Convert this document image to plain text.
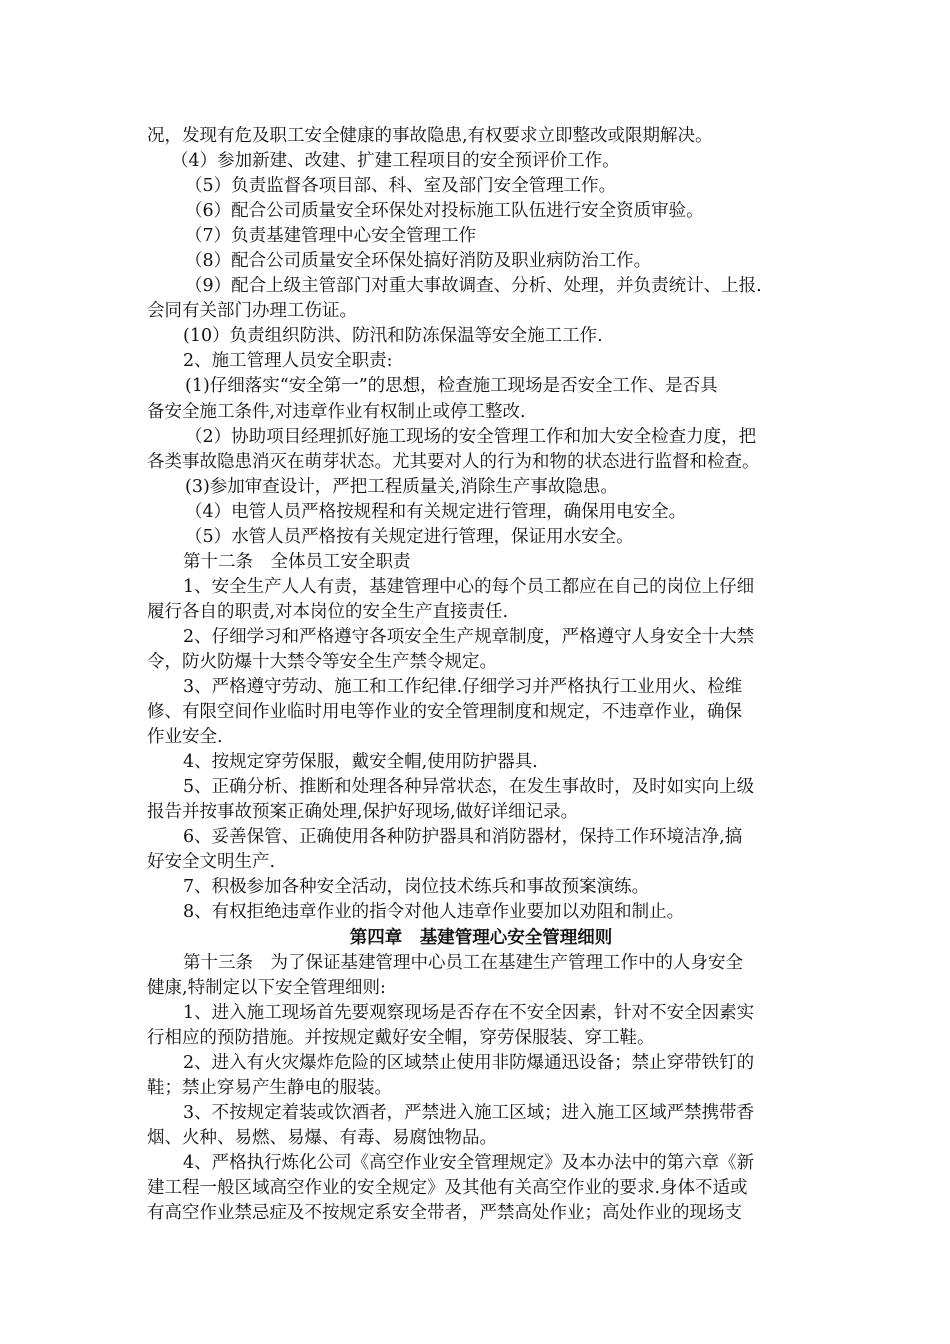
况，发现有危及职工安全健康的事故隐患,有权要求立即整改或限期解决。
（4）参加新建、改建、扩建工程项目的安全预评价工作。
（5）负责监督各项目部、科、室及部门安全管理工作。
（6）配合公司质量安全环保处对投标施工队伍进行安全资质审验。
（7）负责基建管理中心安全管理工作
（8）配合公司质量安全环保处搞好消防及职业病防治工作。
（9）配合上级主管部门对重大事故调查、分析、处理，并负责统计、上报.
会同有关部门办理工伤证。
(10）负责组织防洪、防汛和防冻保温等安全施工工作.
2、施工管理人员安全职责:
(1)仔细落实“安全第一”的思想，检查施工现场是否安全工作、是否具
备安全施工条件,对违章作业有权制止或停工整改.
（2）协助项目经理抓好施工现场的安全管理工作和加大安全检查力度，把
各类事故隐患消灭在萌芽状态。尤其要对人的行为和物的状态进行监督和检查。
(3)参加审查设计，严把工程质量关,消除生产事故隐患。
（4）电管人员严格按规程和有关规定进行管理，确保用电安全。
（5）水管人员严格按有关规定进行管理，保证用水安全。
第十二条　全体员工安全职责
1、安全生产人人有责，基建管理中心的每个员工都应在自己的岗位上仔细
履行各自的职责,对本岗位的安全生产直接责任.
2、仔细学习和严格遵守各项安全生产规章制度，严格遵守人身安全十大禁
令，防火防爆十大禁令等安全生产禁令规定。
3、严格遵守劳动、施工和工作纪律.仔细学习并严格执行工业用火、检维
修、有限空间作业临时用电等作业的安全管理制度和规定，不违章作业，确保
作业安全.
4、按规定穿劳保服，戴安全帽,使用防护器具.
5、正确分析、推断和处理各种异常状态，在发生事故时，及时如实向上级
报告并按事故预案正确处理,保护好现场,做好详细记录。
6、妥善保管、正确使用各种防护器具和消防器材，保持工作环境洁净,搞
好安全文明生产.
7、积极参加各种安全活动，岗位技术练兵和事故预案演练。
8、有权拒绝违章作业的指令对他人违章作业要加以劝阻和制止。
第四章　基建管理心安全管理细则
第十三条　为了保证基建管理中心员工在基建生产管理工作中的人身安全
健康,特制定以下安全管理细则:
1、进入施工现场首先要观察现场是否存在不安全因素，针对不安全因素实
行相应的预防措施。并按规定戴好安全帽，穿劳保服装、穿工鞋。
2、进入有火灾爆炸危险的区域禁止使用非防爆通迅设备；禁止穿带铁钉的
鞋；禁止穿易产生静电的服装。
3、不按规定着装或饮酒者，严禁进入施工区域；进入施工区域严禁携带香
烟、火种、易燃、易爆、有毒、易腐蚀物品。
4、严格执行炼化公司《高空作业安全管理规定》及本办法中的第六章《新
建工程一般区域高空作业的安全规定》及其他有关高空作业的要求.身体不适或
有高空作业禁忌症及不按规定系安全带者，严禁高处作业；高处作业的现场支
